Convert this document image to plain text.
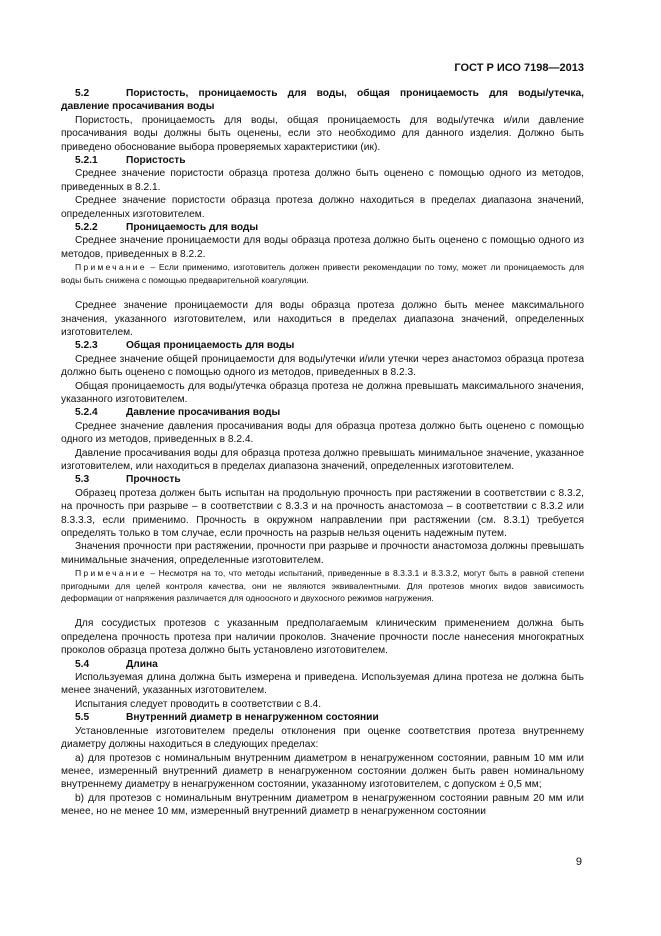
ГОСТ Р ИСО 7198—2013

5.2	Пористость, проницаемость для воды, общая проницаемость для воды/утечка, давление просачивания воды

Пористость, проницаемость для воды, общая проницаемость для воды/утечка и/или давление просачивания воды должны быть оценены, если это необходимо для данного изделия. Должно быть приведено обоснование выбора проверяемых характеристики (ик).

5.2.1	Пористость

Среднее значение пористости образца протеза должно быть оценено с помощью одного из методов, приведенных в 8.2.1.

Среднее значение пористости образца протеза должно находиться в пределах диапазона значений, определенных изготовителем.

5.2.2	Проницаемость для воды

Среднее значение проницаемости для воды образца протеза должно быть оценено с помощью одного из методов, приведенных в 8.2.2.

Примечание – Если применимо, изготовитель должен привести рекомендации по тому, может ли проницаемость для воды быть снижена с помощью предварительной коагуляции.

Среднее значение проницаемости для воды образца протеза должно быть менее максимального значения, указанного изготовителем, или находиться в пределах диапазона значений, определенных изготовителем.

5.2.3	Общая проницаемость для воды

Среднее значение общей проницаемости для воды/утечки и/или утечки через анастомоз образца протеза должно быть оценено с помощью одного из методов, приведенных в 8.2.3.

Общая проницаемость для воды/утечка образца протеза не должна превышать максимального значения, указанного изготовителем.

5.2.4	Давление просачивания воды

Среднее значение давления просачивания воды для образца протеза должно быть оценено с помощью одного из методов, приведенных в 8.2.4.

Давление просачивания воды для образца протеза должно превышать минимальное значение, указанное изготовителем, или находиться в пределах диапазона значений, определенных изготовителем.

5.3	Прочность

Образец протеза должен быть испытан на продольную прочность при растяжении в соответствии с 8.3.2, на прочность при разрыве – в соответствии с 8.3.3 и на прочность анастомоза – в соответствии с 8.3.2 или 8.3.3.3, если применимо. Прочность в окружном направлении при растяжении (см. 8.3.1) требуется определять только в том случае, если прочность на разрыв нельзя оценить надежным путем.

Значения прочности при растяжении, прочности при разрыве и прочности анастомоза должны превышать минимальные значения, определенные изготовителем.

Примечание – Несмотря на то, что методы испытаний, приведенные в 8.3.3.1 и 8.3.3.2, могут быть в равной степени пригодными для целей контроля качества, они не являются эквивалентными. Для протезов многих видов зависимость деформации от напряжения различается для одноосного и двухосного режимов нагружения.

Для сосудистых протезов с указанным предполагаемым клиническим применением должна быть определена прочность протеза при наличии проколов. Значение прочности после нанесения многократных проколов образца протеза должно быть установлено изготовителем.

5.4	Длина

Используемая длина должна быть измерена и приведена. Используемая длина протеза не должна быть менее значений, указанных изготовителем.

Испытания следует проводить в соответствии с 8.4.

5.5	Внутренний диаметр в ненагруженном состоянии

Установленные изготовителем пределы отклонения при оценке соответствия протеза внутреннему диаметру должны находиться в следующих пределах:

а) для протезов с номинальным внутренним диаметром в ненагруженном состоянии, равным 10 мм или менее, измеренный внутренний диаметр в ненагруженном состоянии должен быть равен номинальному внутреннему диаметру в ненагруженном состоянии, указанному изготовителем, с допуском ± 0,5 мм;

b) для протезов с номинальным внутренним диаметром в ненагруженном состоянии равным 20 мм или менее, но не менее 10 мм, измеренный внутренний диаметр в ненагруженном состоянии

9
